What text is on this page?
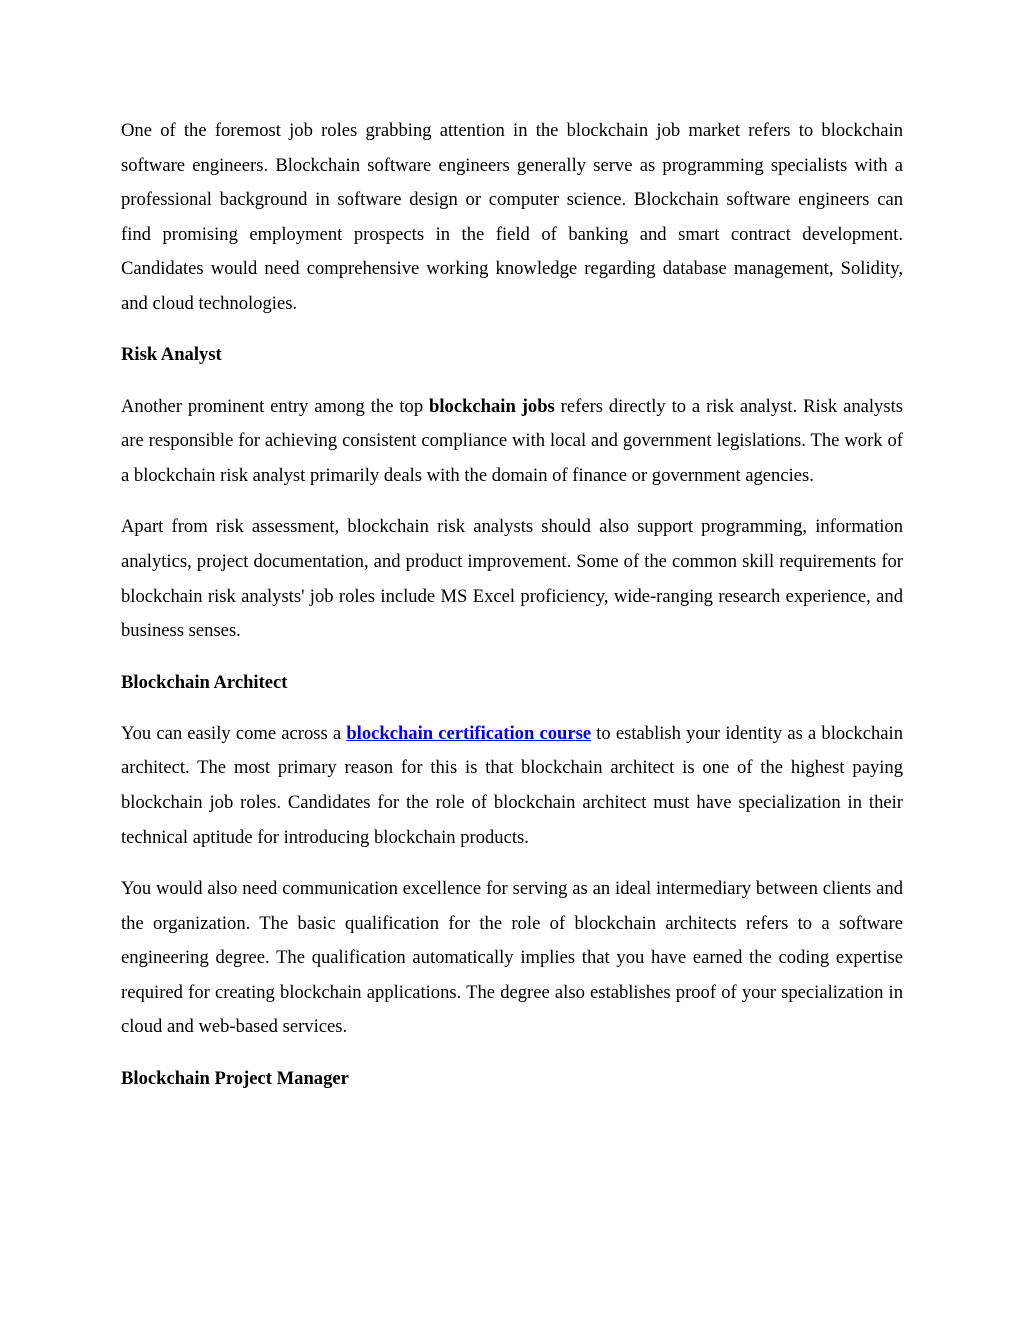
One of the foremost job roles grabbing attention in the blockchain job market refers to blockchain software engineers. Blockchain software engineers generally serve as programming specialists with a professional background in software design or computer science. Blockchain software engineers can find promising employment prospects in the field of banking and smart contract development. Candidates would need comprehensive working knowledge regarding database management, Solidity, and cloud technologies.

Risk Analyst

Another prominent entry among the top blockchain jobs refers directly to a risk analyst. Risk analysts are responsible for achieving consistent compliance with local and government legislations. The work of a blockchain risk analyst primarily deals with the domain of finance or government agencies.

Apart from risk assessment, blockchain risk analysts should also support programming, information analytics, project documentation, and product improvement. Some of the common skill requirements for blockchain risk analysts' job roles include MS Excel proficiency, wide-ranging research experience, and business senses.

Blockchain Architect

You can easily come across a blockchain certification course to establish your identity as a blockchain architect. The most primary reason for this is that blockchain architect is one of the highest paying blockchain job roles. Candidates for the role of blockchain architect must have specialization in their technical aptitude for introducing blockchain products.

You would also need communication excellence for serving as an ideal intermediary between clients and the organization. The basic qualification for the role of blockchain architects refers to a software engineering degree. The qualification automatically implies that you have earned the coding expertise required for creating blockchain applications. The degree also establishes proof of your specialization in cloud and web-based services.

Blockchain Project Manager
